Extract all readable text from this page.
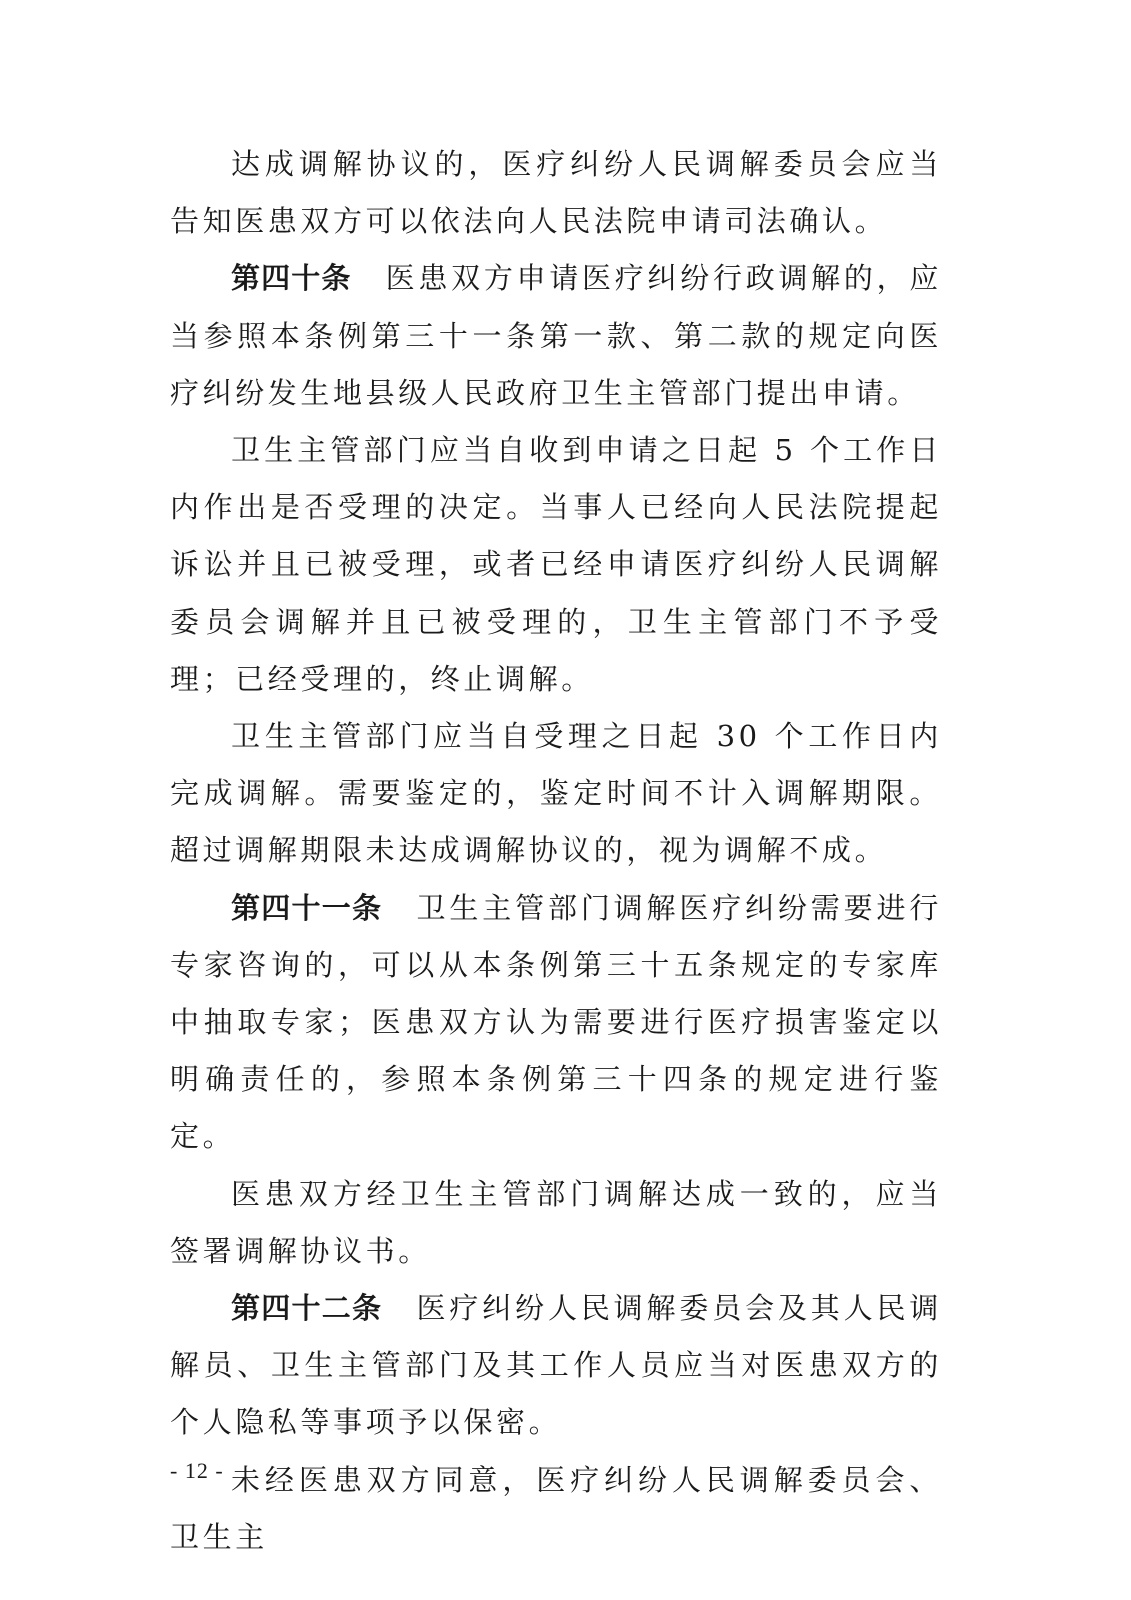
达成调解协议的，医疗纠纷人民调解委员会应当告知医患双方可以依法向人民法院申请司法确认。

第四十条 医患双方申请医疗纠纷行政调解的，应当参照本条例第三十一条第一款、第二款的规定向医疗纠纷发生地县级人民政府卫生主管部门提出申请。

卫生主管部门应当自收到申请之日起 5 个工作日内作出是否受理的决定。当事人已经向人民法院提起诉讼并且已被受理，或者已经申请医疗纠纷人民调解委员会调解并且已被受理的，卫生主管部门不予受理；已经受理的，终止调解。

卫生主管部门应当自受理之日起 30 个工作日内完成调解。需要鉴定的，鉴定时间不计入调解期限。超过调解期限未达成调解协议的，视为调解不成。

第四十一条 卫生主管部门调解医疗纠纷需要进行专家咨询的，可以从本条例第三十五条规定的专家库中抽取专家；医患双方认为需要进行医疗损害鉴定以明确责任的，参照本条例第三十四条的规定进行鉴定。

医患双方经卫生主管部门调解达成一致的，应当签署调解协议书。

第四十二条 医疗纠纷人民调解委员会及其人民调解员、卫生主管部门及其工作人员应当对医患双方的个人隐私等事项予以保密。

未经医患双方同意，医疗纠纷人民调解委员会、卫生主

- 12 -
